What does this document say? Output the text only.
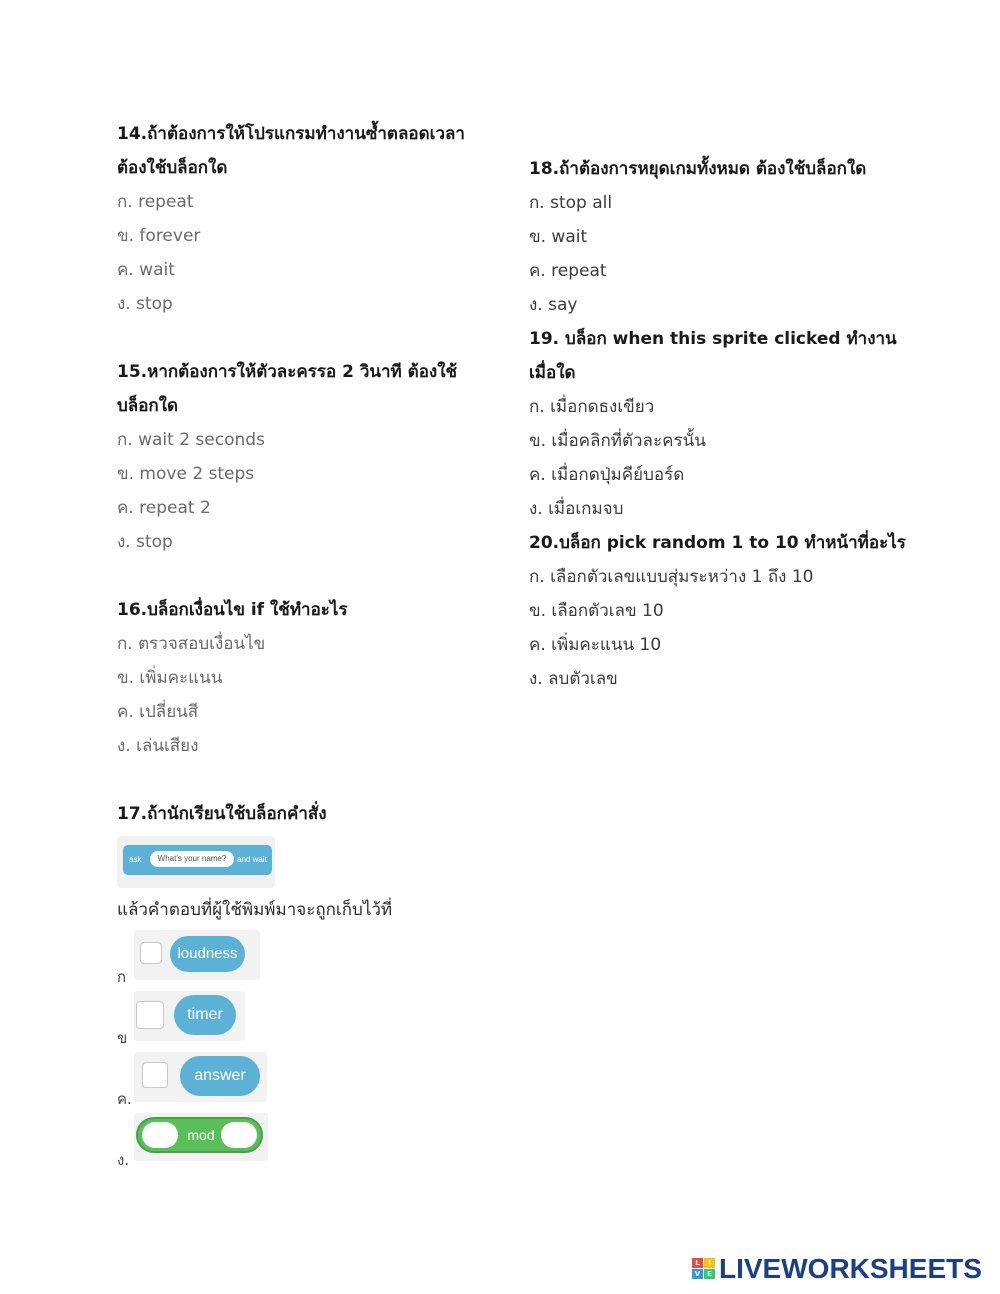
14.ถ้าต้องการให้โปรแกรมทำงานซ้ำตลอดเวลา
ต้องใช้บล็อกใด
ก. repeat
ข. forever
ค. wait
ง. stop
15.หากต้องการให้ตัวละครรอ 2 วินาที ต้องใช้
บล็อกใด
ก. wait 2 seconds
ข. move 2 steps
ค. repeat 2
ง. stop
16.บล็อกเงื่อนไข if ใช้ทำอะไร
ก. ตรวจสอบเงื่อนไข
ข. เพิ่มคะแนน
ค. เปลี่ยนสี
ง. เล่นเสียง
17.ถ้านักเรียนใช้บล็อกคำสั่ง
ask	What's your name?	and wait
แล้วคำตอบที่ผู้ใช้พิมพ์มาจะถูกเก็บไว้ที่
ก
loudness
ข
timer
ค.
answer
ง.
mod
18.ถ้าต้องการหยุดเกมทั้งหมด ต้องใช้บล็อกใด
ก. stop all
ข. wait
ค. repeat
ง. say
19. บล็อก when this sprite clicked ทำงาน
เมื่อใด
ก. เมื่อกดธงเขียว
ข. เมื่อคลิกที่ตัวละครนั้น
ค. เมื่อกดปุ่มคีย์บอร์ด
ง. เมื่อเกมจบ
20.บล็อก pick random 1 to 10 ทำหน้าที่อะไร
ก. เลือกตัวเลขแบบสุ่มระหว่าง 1 ถึง 10
ข. เลือกตัวเลข 10
ค. เพิ่มคะแนน 10
ง. ลบตัวเลข
L	I
V E LIVEWORKSHEETS
